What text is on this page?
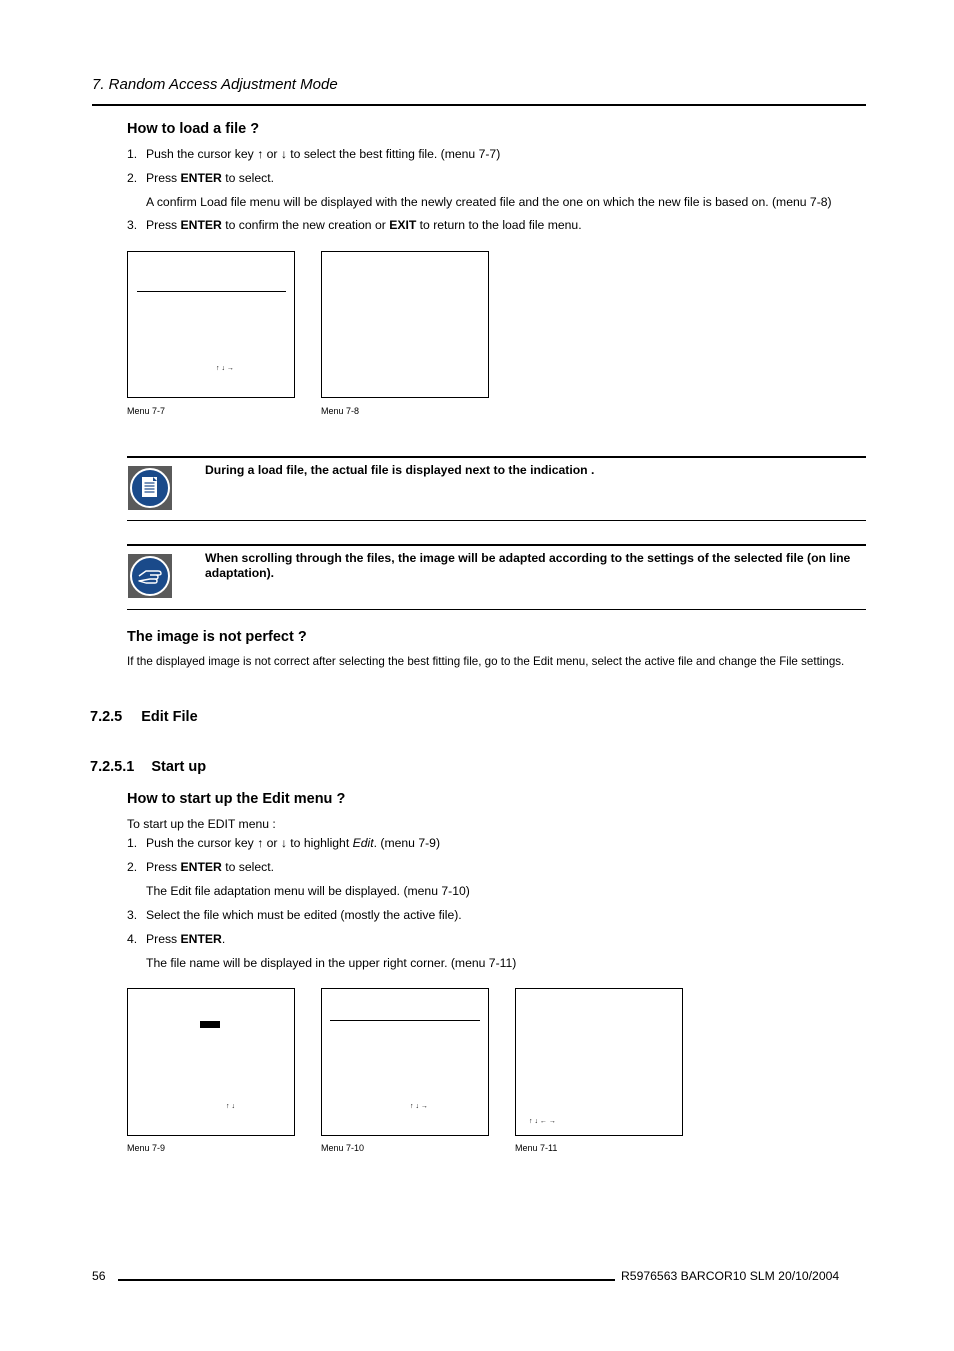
7. Random Access Adjustment Mode
How to load a file ?
1. Push the cursor key ↑ or ↓ to select the best fitting file. (menu 7-7)
2. Press ENTER to select.
A confirm Load file menu will be displayed with the newly created file and the one on which the new file is based on. (menu 7-8)
3. Press ENTER to confirm the new creation or EXIT to return to the load file menu.
↑ ↓ →
Menu 7-7	Menu 7-8
During a load file, the actual file is displayed next to the indication .
When scrolling through the files, the image will be adapted according to the settings of the selected file (on line adaptation).
The image is not perfect ?
If the displayed image is not correct after selecting the best fitting file, go to the Edit menu, select the active file and change the File settings.
7.2.5 Edit File
7.2.5.1 Start up
How to start up the Edit menu ?
To start up the EDIT menu :
1. Push the cursor key ↑ or ↓ to highlight Edit. (menu 7-9)
2. Press ENTER to select.
The Edit file adaptation menu will be displayed. (menu 7-10)
3. Select the file which must be edited (mostly the active file).
4. Press ENTER.
The file name will be displayed in the upper right corner. (menu 7-11)
↑ ↓
Menu 7-9
↑ ↓ →
Menu 7-10
↑ ↓ ← →
Menu 7-11
56	R5976563 BARCOR10 SLM 20/10/2004
